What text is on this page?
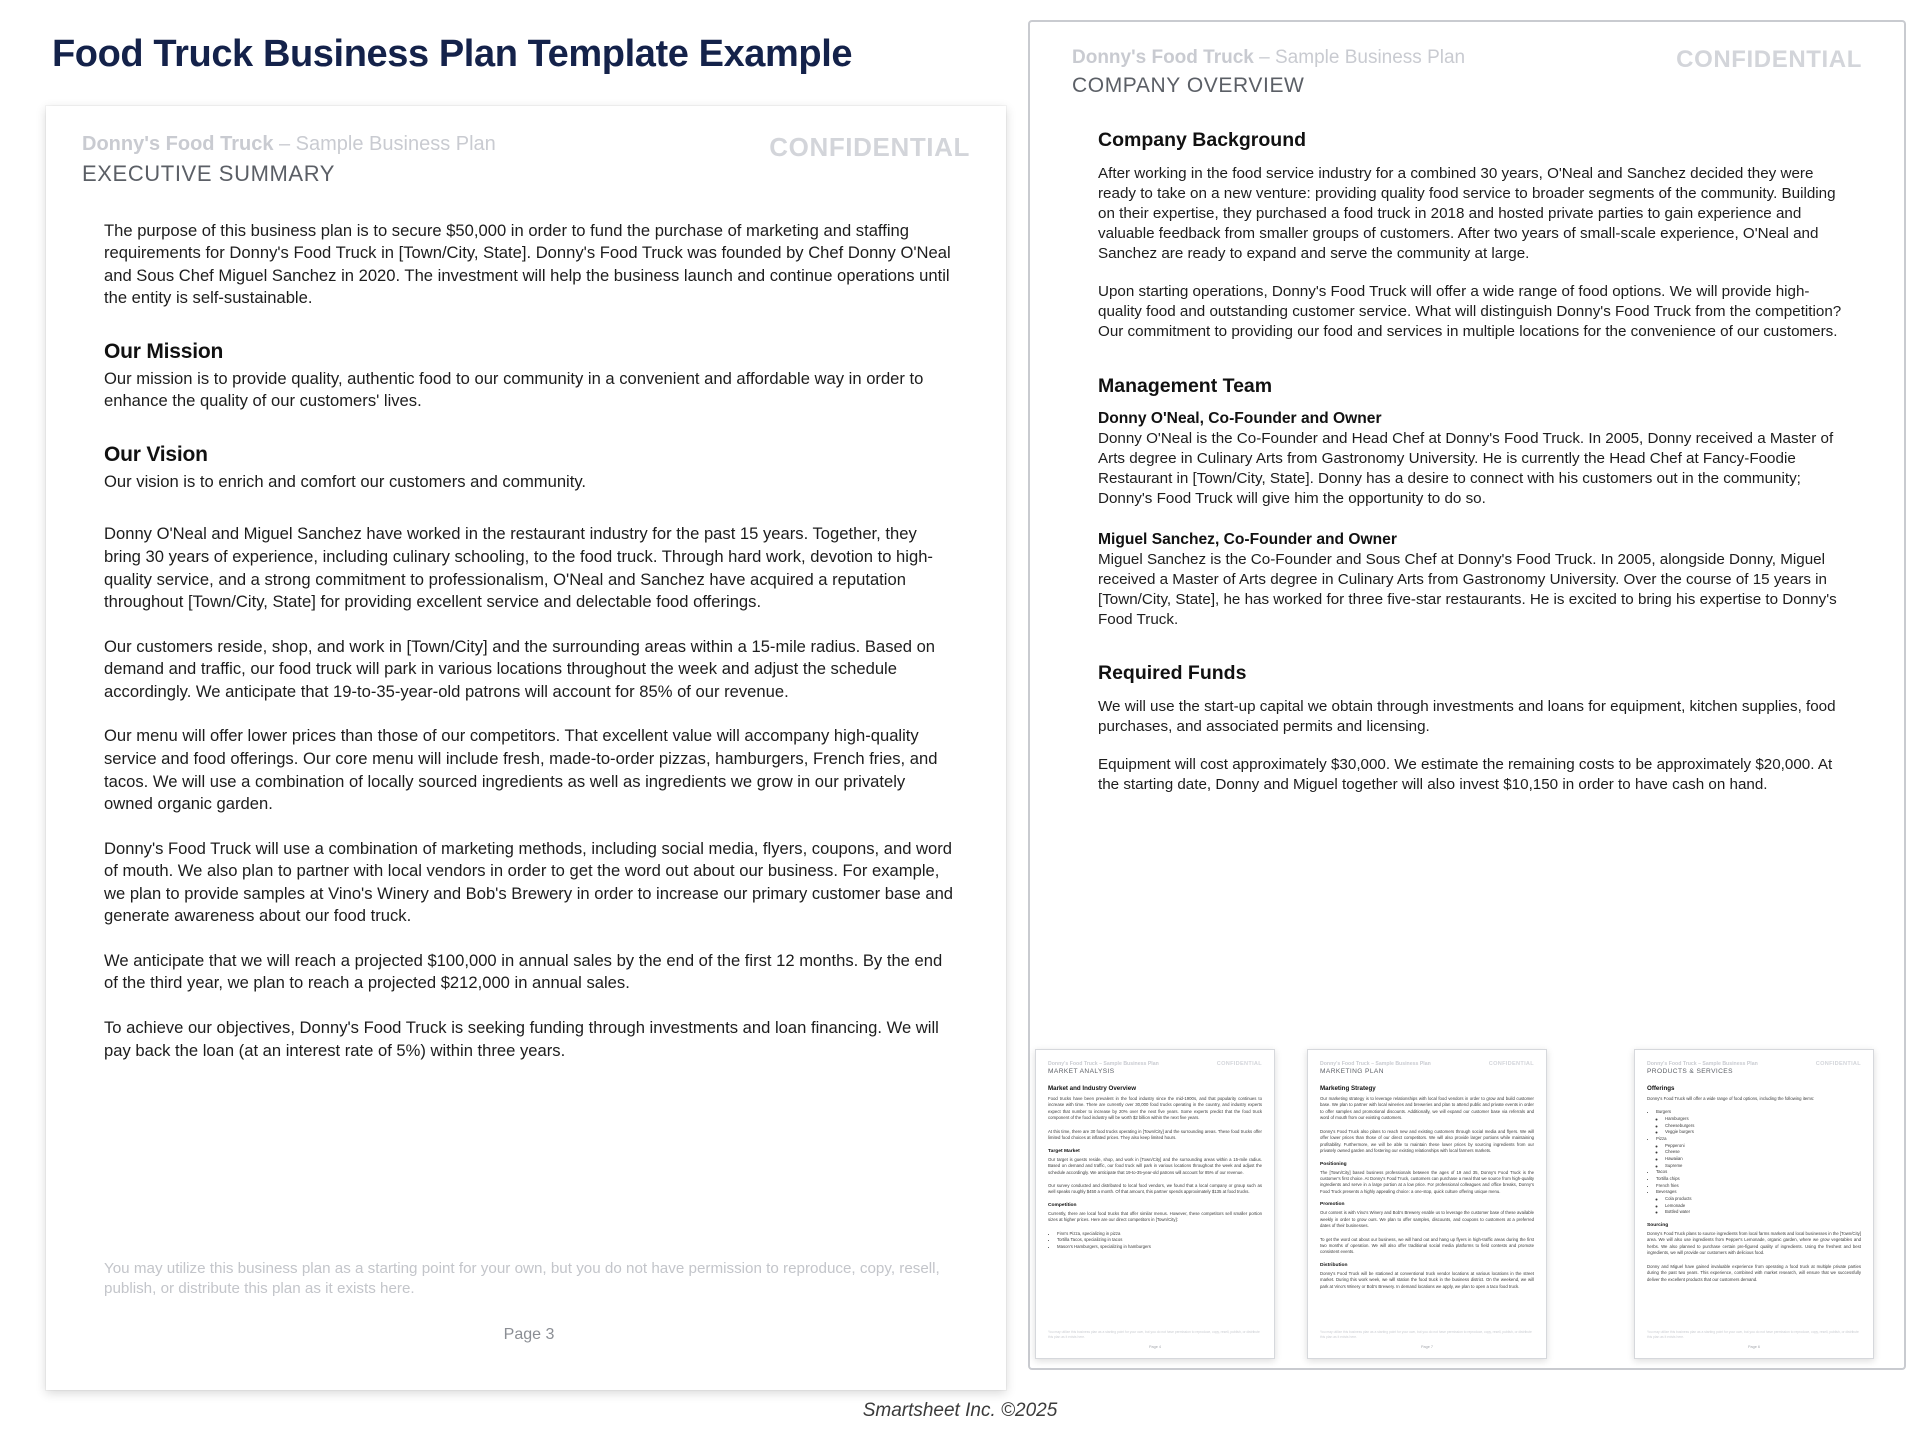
Food Truck Business Plan Template Example
Donny's Food Truck – Sample Business Plan
EXECUTIVE SUMMARY
CONFIDENTIAL

The purpose of this business plan is to secure $50,000 in order to fund the purchase of marketing and staffing requirements for Donny's Food Truck in [Town/City, State]. Donny's Food Truck was founded by Chef Donny O'Neal and Sous Chef Miguel Sanchez in 2020. The investment will help the business launch and continue operations until the entity is self-sustainable.

Our Mission

Our mission is to provide quality, authentic food to our community in a convenient and affordable way in order to enhance the quality of our customers' lives.

Our Vision

Our vision is to enrich and comfort our customers and community.

Donny O'Neal and Miguel Sanchez have worked in the restaurant industry for the past 15 years. Together, they bring 30 years of experience, including culinary schooling, to the food truck. Through hard work, devotion to high-quality service, and a strong commitment to professionalism, O'Neal and Sanchez have acquired a reputation throughout [Town/City, State] for providing excellent service and delectable food offerings.

Our customers reside, shop, and work in [Town/City] and the surrounding areas within a 15-mile radius. Based on demand and traffic, our food truck will park in various locations throughout the week and adjust the schedule accordingly. We anticipate that 19-to-35-year-old patrons will account for 85% of our revenue.

Our menu will offer lower prices than those of our competitors. That excellent value will accompany high-quality service and food offerings. Our core menu will include fresh, made-to-order pizzas, hamburgers, French fries, and tacos. We will use a combination of locally sourced ingredients as well as ingredients we grow in our privately owned organic garden.

Donny's Food Truck will use a combination of marketing methods, including social media, flyers, coupons, and word of mouth. We also plan to partner with local vendors in order to get the word out about our business. For example, we plan to provide samples at Vino's Winery and Bob's Brewery in order to increase our primary customer base and generate awareness about our food truck.

We anticipate that we will reach a projected $100,000 in annual sales by the end of the first 12 months. By the end of the third year, we plan to reach a projected $212,000 in annual sales.

To achieve our objectives, Donny's Food Truck is seeking funding through investments and loan financing. We will pay back the loan (at an interest rate of 5%) within three years.

You may utilize this business plan as a starting point for your own, but you do not have permission to reproduce, copy, resell, publish, or distribute this plan as it exists here.

Page 3
Donny's Food Truck – Sample Business Plan
COMPANY OVERVIEW
CONFIDENTIAL
Company Background

After working in the food service industry for a combined 30 years, O'Neal and Sanchez decided they were ready to take on a new venture: providing quality food service to broader segments of the community. Building on their expertise, they purchased a food truck in 2018 and hosted private parties to gain experience and valuable feedback from smaller groups of customers. After two years of small-scale experience, O'Neal and Sanchez are ready to expand and serve the community at large.

Upon starting operations, Donny's Food Truck will offer a wide range of food options. We will provide high-quality food and outstanding customer service. What will distinguish Donny's Food Truck from the competition? Our commitment to providing our food and services in multiple locations for the convenience of our customers.

Management Team
Donny O'Neal, Co-Founder and Owner

Donny O'Neal is the Co-Founder and Head Chef at Donny's Food Truck. In 2005, Donny received a Master of Arts degree in Culinary Arts from Gastronomy University. He is currently the Head Chef at Fancy-Foodie Restaurant in [Town/City, State]. Donny has a desire to connect with his customers out in the community; Donny's Food Truck will give him the opportunity to do so.

Miguel Sanchez, Co-Founder and Owner

Miguel Sanchez is the Co-Founder and Sous Chef at Donny's Food Truck. In 2005, alongside Donny, Miguel received a Master of Arts degree in Culinary Arts from Gastronomy University. Over the course of 15 years in [Town/City, State], he has worked for three five-star restaurants. He is excited to bring his expertise to Donny's Food Truck.

Required Funds

We will use the start-up capital we obtain through investments and loans for equipment, kitchen supplies, food purchases, and associated permits and licensing.

Equipment will cost approximately $30,000. We estimate the remaining costs to be approximately $20,000. At the starting date, Donny and Miguel together will also invest $10,150 in order to have cash on hand.

Donny's Food Truck – Sample Business Plan
MARKET ANALYSIS
CONFIDENTIAL
Market and Industry Overview

Food trucks have been prevalent in the food industry since the mid-1900s, and that popularity continues to increase with time. There are currently over 30,000 food trucks operating in the country, and industry experts expect that number to increase by 20% over the next five years. Some experts predict that the food truck component of the food industry will be worth $2 billion within the next five years.

At this time, there are 30 food trucks operating in [Town/City] and the surrounding areas. These food trucks offer limited food choices at inflated prices. They also keep limited hours.

Target Market

Our target is guests reside, shop, and work in [Town/City] and the surrounding areas within a 15-mile radius. Based on demand and traffic, our food truck will park in various locations throughout the week and adjust the schedule accordingly. We anticipate that 19-to-35-year-old patrons will account for 85% of our revenue.

Our survey conducted and distributed to local food vendors, we found that a local company or group such as well speaks roughly $450 a month. Of that amount, this partner spends approximately $135 at food trucks.

Competition

Currently, there are local food trucks that offer similar menus. However, these competitors sell smaller portion sizes at higher prices. Here are our direct competitors in [Town/City]:

• Finn's Pizza, specializing in pizza
• Tortilla Tacos, specializing in tacos
• Mason's Hamburgers, specializing in hamburgers

You may utilize this business plan as a starting point for your own, but you do not have permission to reproduce, copy, resell, publish, or distribute this plan as it exists here.

Page 4
Donny's Food Truck – Sample Business Plan
MARKETING PLAN
CONFIDENTIAL
Marketing Strategy

Our marketing strategy is to leverage relationships with local food vendors in order to grow and build customer base. We plan to partner with local wineries and breweries and plan to attend public and private events in order to offer samples and promotional discounts. Additionally, we will expand our customer base via referrals and word of mouth from our existing customers.

Donny's Food Truck also plans to reach new and existing customers through social media and flyers. We will offer lower prices than those of our direct competitors. We will also provide larger portions while maintaining profitability. Furthermore, we will be able to maintain these lower prices by sourcing ingredients from our privately owned garden and fostering our existing relationships with local farmers markets.

Positioning

The [Town/City] based business professionals between the ages of 19 and 35, Donny's Food Truck is the customer's first choice. At Donny's Food Truck, customers can purchase a meal that we source from high-quality ingredients and serve in a large portion at a low price. For professional colleagues and office breaks, Donny's Food Truck presents a highly appealing choice: a one-stop, quick culture offering unique menu.

Promotion

Our content is with Vino's Winery and Bob's Brewery enable us to leverage the customer base of these available weekly in order to grow ours. We plan to offer samples, discounts, and coupons to customers at a preferred dates of their businesses.

To get the word out about our business, we will hand out and hang up flyers in high-traffic areas during the first two months of operation. We will also offer traditional social media platforms to field contests and promote consistent events.

Distribution

Donny's Food Truck will be stationed at conventional truck vendor locations at various locations in the street market. During this work week, we will station the food truck in the business district. On the weekend, we will park at Vino's Winery or Bob's Brewery. In demand locations we apply, we plan to open a taco food truck.

You may utilize this business plan as a starting point for your own, but you do not have permission to reproduce, copy, resell, publish, or distribute this plan as it exists here.

Page 7
Donny's Food Truck – Sample Business Plan
PRODUCTS & SERVICES
CONFIDENTIAL
Offerings

Donny's Food Truck will offer a wide range of food options, including the following items:

• Burgers
◦ Hamburgers
◦ Cheeseburgers
◦ Veggie burgers
• Pizza
◦ Pepperoni
◦ Cheese
◦ Hawaiian
◦ Supreme
• Tacos
• Tortilla chips
• French fries
• Beverages
◦ Cola products
◦ Lemonade
◦ Bottled water
Sourcing

Donny's Food Truck plans to source ingredients from local farms markets and local businesses in the [Town/City] area. We will also use ingredients from Pepper's Lemonade, organic garden, where we grow vegetables and herbs. We also planned to purchase certain pre-figured quality of ingredients. Using the freshest and best ingredients, we will provide our customers with delicious food.

Donny and Miguel have gained invaluable experience from operating a food truck at multiple private parties during the past two years. This experience, combined with market research, will ensure that we successfully deliver the excellent products that our customers demand.

You may utilize this business plan as a starting point for your own, but you do not have permission to reproduce, copy, resell, publish, or distribute this plan as it exists here.

Page 6
Smartsheet Inc. ©2025
